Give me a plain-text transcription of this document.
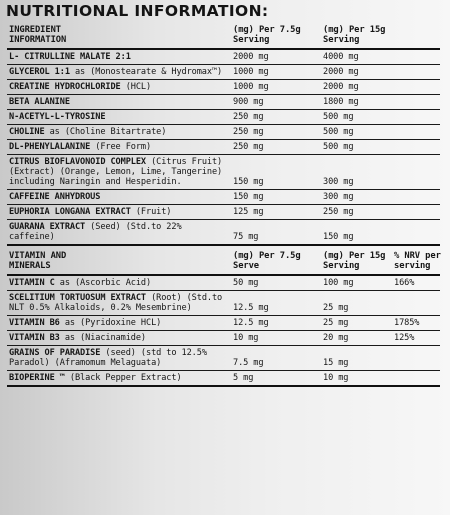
NUTRITIONAL INFORMATION:
INGREDIENT INFORMATION	(mg) Per 7.5g Serving	(mg) Per 15g Serving

L- CITRULLINE MALATE 2:1	2000 mg	4000 mg	

GLYCEROL 1:1 as (Monostearate & Hydromax™)	1000 mg	2000 mg	

CREATINE HYDROCHLORIDE (HCL)	1000 mg	2000 mg	

BETA ALANINE	900 mg	1800 mg	

N-ACETYL-L-TYROSINE	250 mg	500 mg	

CHOLINE as (Choline Bitartrate)	250 mg	500 mg	

DL-PHENYLALANINE (Free Form)	250 mg	500 mg	

CITRUS BIOFLAVONOID COMPLEX (Citrus Fruit) (Extract) (Orange, Lemon, Lime, Tangerine) including Naringin and Hesperidin.	150 mg	300 mg	

CAFFEINE ANHYDROUS	150 mg	300 mg	

EUPHORIA LONGANA EXTRACT (Fruit)	125 mg	250 mg	

GUARANA EXTRACT (Seed) (Std.to 22% caffeine)	75 mg	150 mg	

VITAMIN AND MINERALS	(mg) Per 7.5g Serve	(mg) Per 15g Serving	% NRV per serving

VITAMIN C as (Ascorbic Acid)	50 mg	100 mg	166%

SCELITIUM TORTUOSUM EXTRACT (Root) (Std.to NLT 0.5% Alkaloids, 0.2% Mesembrine)	12.5 mg	25 mg	

VITAMIN B6 as (Pyridoxine HCL)	12.5 mg	25 mg	1785%

VITAMIN B3 as (Niacinamide)	10 mg	20 mg	125%

GRAINS OF PARADISE (seed) (std to 12.5% Paradol) (Aframomum Melaguata)	7.5 mg	15 mg	

BIOPERINE ™ (Black Pepper Extract)	5 mg	10 mg	
